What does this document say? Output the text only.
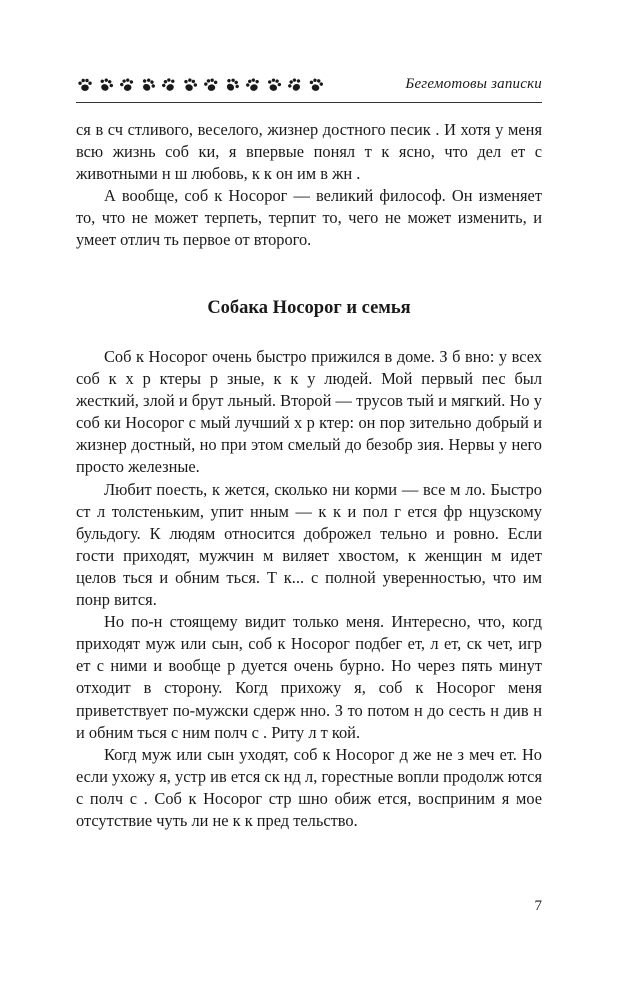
Бегемотовы записки

ся в сч стливого, веселого, жизнер достного песик . И хотя у меня всю жизнь соб ки, я впервые понял т к ясно, что дел ет с животными н ш любовь, к к он им в жн .

А вообще, соб к Носорог — великий философ. Он изменяет то, что не может терпеть, терпит то, чего не может изменить, и умеет отлич ть первое от второго.

Собака Носорог и семья

Соб к Носорог очень быстро прижился в доме. З б вно: у всех соб к х р ктеры р зные, к к у людей. Мой первый пес был жесткий, злой и брут льный. Второй — трусов тый и мягкий. Но у соб ки Носорог с мый лучший х р ктер: он пор зительно добрый и жизнер достный, но при этом смелый до безобр зия. Нервы у него просто железные.

Любит поесть, к жется, сколько ни корми — все м ло. Быстро ст л толстеньким, упит нным — к к и пол г ется фр нцузскому бульдогу. К людям относится доброжел тельно и ровно. Если гости приходят, мужчин м виляет хвостом, к женщин м идет целов ться и обним ться. Т к... с полной уверенностью, что им понр вится.

Но по-н стоящему видит только меня. Интересно, что, когд приходят муж или сын, соб к Носорог подбег ет, л ет, ск чет, игр ет с ними и вообще р дуется очень бурно. Но через пять минут отходит в сторону. Когд прихожу я, соб к Носорог меня приветствует по-мужски сдерж нно. З то потом н до сесть н див н и обним ться с ним полч с . Риту л т кой.

Когд муж или сын уходят, соб к Носорог д же не з меч ет. Но если ухожу я, устр ив ется ск нд л, горестные вопли продолж ются с полч с . Соб к Носорог стр шно обиж ется, восприним я мое отсутствие чуть ли не к к пред тельство.

7
